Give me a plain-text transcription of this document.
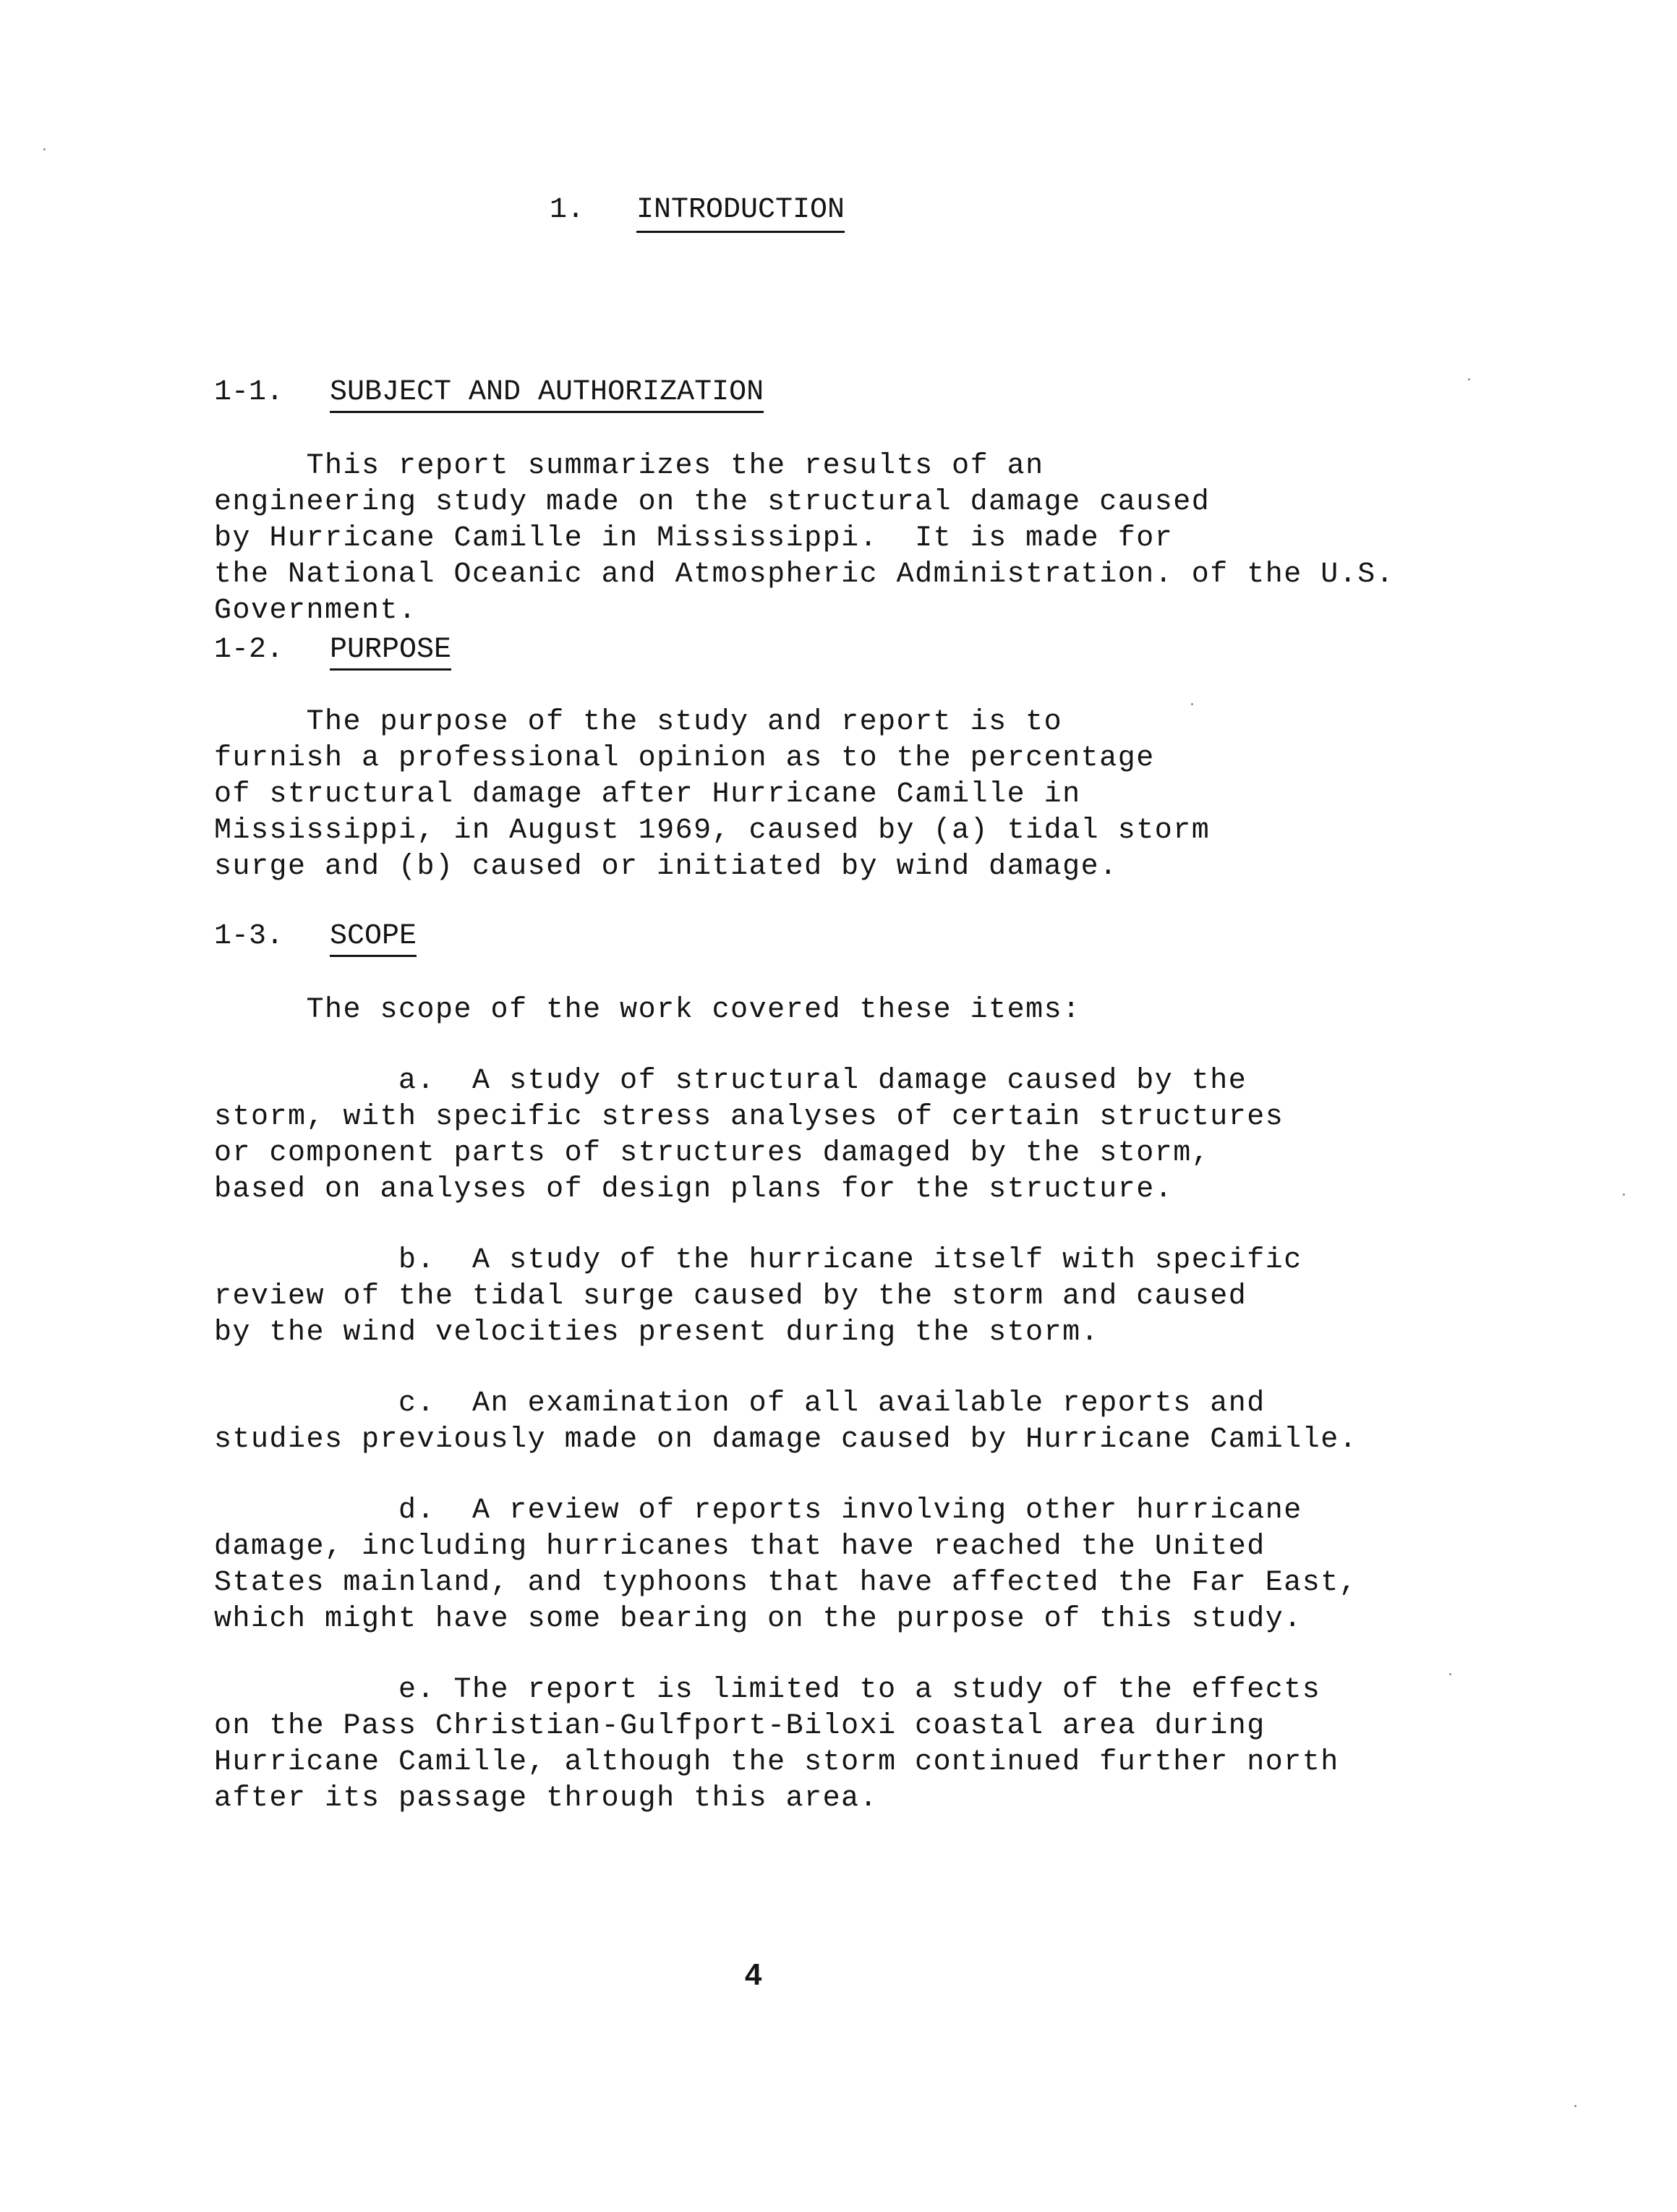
1. INTRODUCTION
1-1. SUBJECT AND AUTHORIZATION
This report summarizes the results of an
engineering study made on the structural damage caused
by Hurricane Camille in Mississippi.  It is made for
the National Oceanic and Atmospheric Administration. of the U.S.
Government.
1-2. PURPOSE
The purpose of the study and report is to
furnish a professional opinion as to the percentage
of structural damage after Hurricane Camille in
Mississippi, in August 1969, caused by (a) tidal storm
surge and (b) caused or initiated by wind damage.
1-3. SCOPE
The scope of the work covered these items:
a.  A study of structural damage caused by the
storm, with specific stress analyses of certain structures
or component parts of structures damaged by the storm,
based on analyses of design plans for the structure.
b.  A study of the hurricane itself with specific
review of the tidal surge caused by the storm and caused
by the wind velocities present during the storm.
c.  An examination of all available reports and
studies previously made on damage caused by Hurricane Camille.
d.  A review of reports involving other hurricane
damage, including hurricanes that have reached the United
States mainland, and typhoons that have affected the Far East,
which might have some bearing on the purpose of this study.
e. The report is limited to a study of the effects
on the Pass Christian-Gulfport-Biloxi coastal area during
Hurricane Camille, although the storm continued further north
after its passage through this area.
4
